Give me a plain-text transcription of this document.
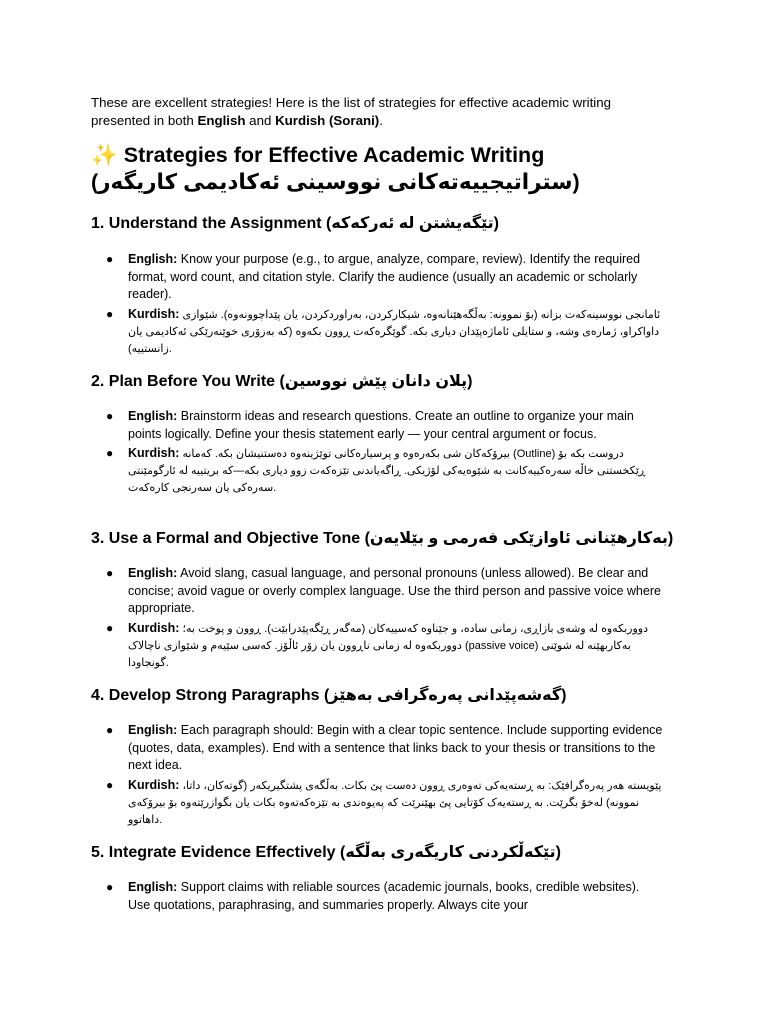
These are excellent strategies! Here is the list of strategies for effective academic writing presented in both English and Kurdish (Sorani).

✨ Strategies for Effective Academic Writing
(ستراتیجییەتەکانی نووسینی ئەکادیمی کاریگەر)
1. Understand the Assignment (تێگەیشتن لە ئەرکەکە)
● English: Know your purpose (e.g., to argue, analyze, compare, review). Identify the required format, word count, and citation style. Clarify the audience (usually an academic or scholarly reader).
● Kurdish: ئامانجی نووسینەکەت بزانە (بۆ نموونە: بەڵگەهێنانەوە، شیکارکردن، بەراوردکردن، یان پێداچوونەوە). شێوازی داواکراو، ژمارەی وشە، و ستایلی ئاماژەپێدان دیاری بکە. گوێگرەکەت ڕوون بکەوە (کە بەزۆری خوێنەرێکی ئەکادیمی یان زانستییە).
2. Plan Before You Write (پلان دانان پێش نووسین)
● English: Brainstorm ideas and research questions. Create an outline to organize your main points logically. Define your thesis statement early — your central argument or focus.
● Kurdish: بیرۆکەکان شی بکەرەوە و پرسیارەکانی توێژینەوە دەستنیشان بکە. کەمانە (Outline) دروست بکە بۆ ڕێکخستنی خاڵە سەرەکییەکانت بە شێوەیەکی لۆژیکی. ڕاگەیاندنی تێزەکەت زوو دیاری بکە—کە بریتییە لە ئارگومێنتی سەرەکی یان سەرنجی کارەکەت.
3. Use a Formal and Objective Tone (بەکارهێنانی ئاوازێکی فەرمی و بێلایەن)
● English: Avoid slang, casual language, and personal pronouns (unless allowed). Be clear and concise; avoid vague or overly complex language. Use the third person and passive voice where appropriate.
● Kurdish: دووربکەوە لە وشەی بازاڕی، زمانی سادە، و جێناوە کەسییەکان (مەگەر ڕێگەپێدرابێت). ڕوون و پوخت بە؛ دووربکەوە لە زمانی ناڕوون یان زۆر ئاڵۆز. کەسی سێیەم و شێوازی ناچالاک (passive voice) بەکاربهێنە لە شوێنی گونجاودا.
4. Develop Strong Paragraphs (گەشەپێدانی پەرەگرافی بەهێز)
● English: Each paragraph should: Begin with a clear topic sentence. Include supporting evidence (quotes, data, examples). End with a sentence that links back to your thesis or transitions to the next idea.
● Kurdish: پێویستە هەر پەرەگرافێک: بە ڕستەیەکی تەوەری ڕوون دەست پێ بکات. بەڵگەی پشتگیریکەر (گوتەکان، داتا، نموونە) لەخۆ بگرێت. بە ڕستەیەک کۆتایی پێ بهێنرێت کە پەیوەندی بە تێزەکەتەوە بکات یان بگوازرێتەوە بۆ بیرۆکەی داهاتوو.
5. Integrate Evidence Effectively (تێکەڵکردنی کاریگەری بەڵگە)
● English: Support claims with reliable sources (academic journals, books, credible websites). Use quotations, paraphrasing, and summaries properly. Always cite your
